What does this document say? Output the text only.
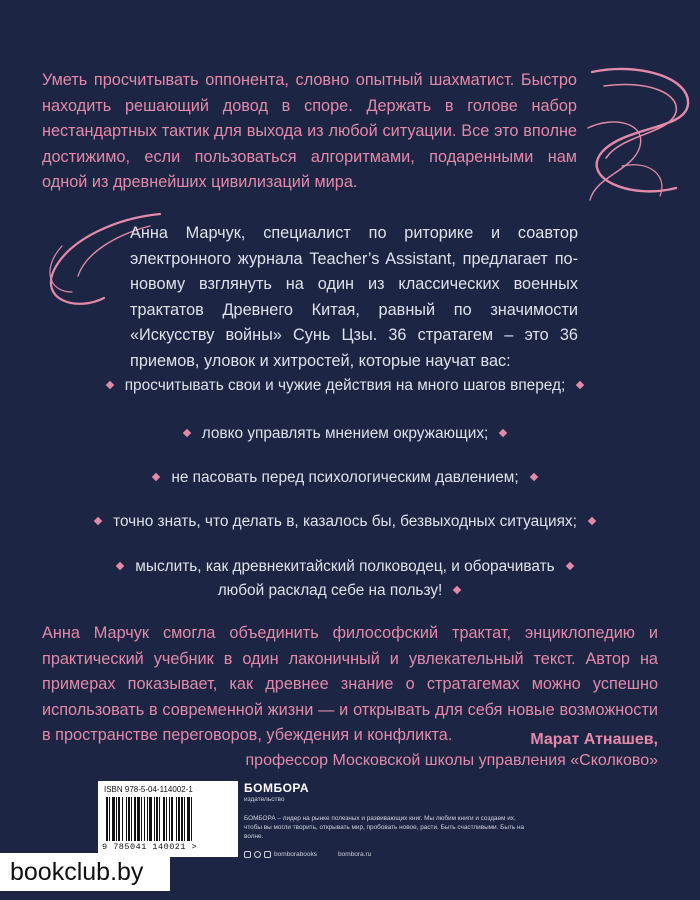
Уметь просчитывать оппонента, словно опытный шахматист. Быстро находить решающий довод в споре. Держать в голове набор нестандартных тактик для выхода из любой ситуации. Все это вполне достижимо, если пользоваться алгоритмами, подаренными нам одной из древнейших цивилизаций мира.

Анна Марчук, специалист по риторике и соавтор электронного журнала Teacher’s Assistant, предлагает по-новому взглянуть на один из классических военных трактатов Древнего Китая, равный по значимости «Искусству войны» Сунь Цзы. 36 стратагем – это 36 приемов, уловок и хитростей, которые научат вас:

просчитывать свои и чужие действия на много шагов вперед;
ловко управлять мнением окружающих;
не пасовать перед психологическим давлением;
точно знать, что делать в, казалось бы, безвыходных ситуациях;
мыслить, как древнекитайский полководец, и оборачивать
любой расклад себе на пользу!

Анна Марчук смогла объединить философский трактат, энциклопедию и практический учебник в один лаконичный и увлекательный текст. Автор на примерах показывает, как древнее знание о стратагемах можно успешно использовать в современной жизни — и открывать для себя новые возможности в пространстве переговоров, убеждения и конфликта.	Марат Атнашев,
профессор Московской школы управления «Сколково»
ISBN 978-5-04-114002-1
9 785041 140021 >
БОМБОРА
издательство

БОМБОРА – лидер на рынке полезных и развивающих книг. Мы любим книги и создаем их, чтобы вы могли творить, открывать мир, пробовать новое, расти. Быть счастливыми. Быть на волне.

bomborabooks	bombora.ru
bookclub.by
